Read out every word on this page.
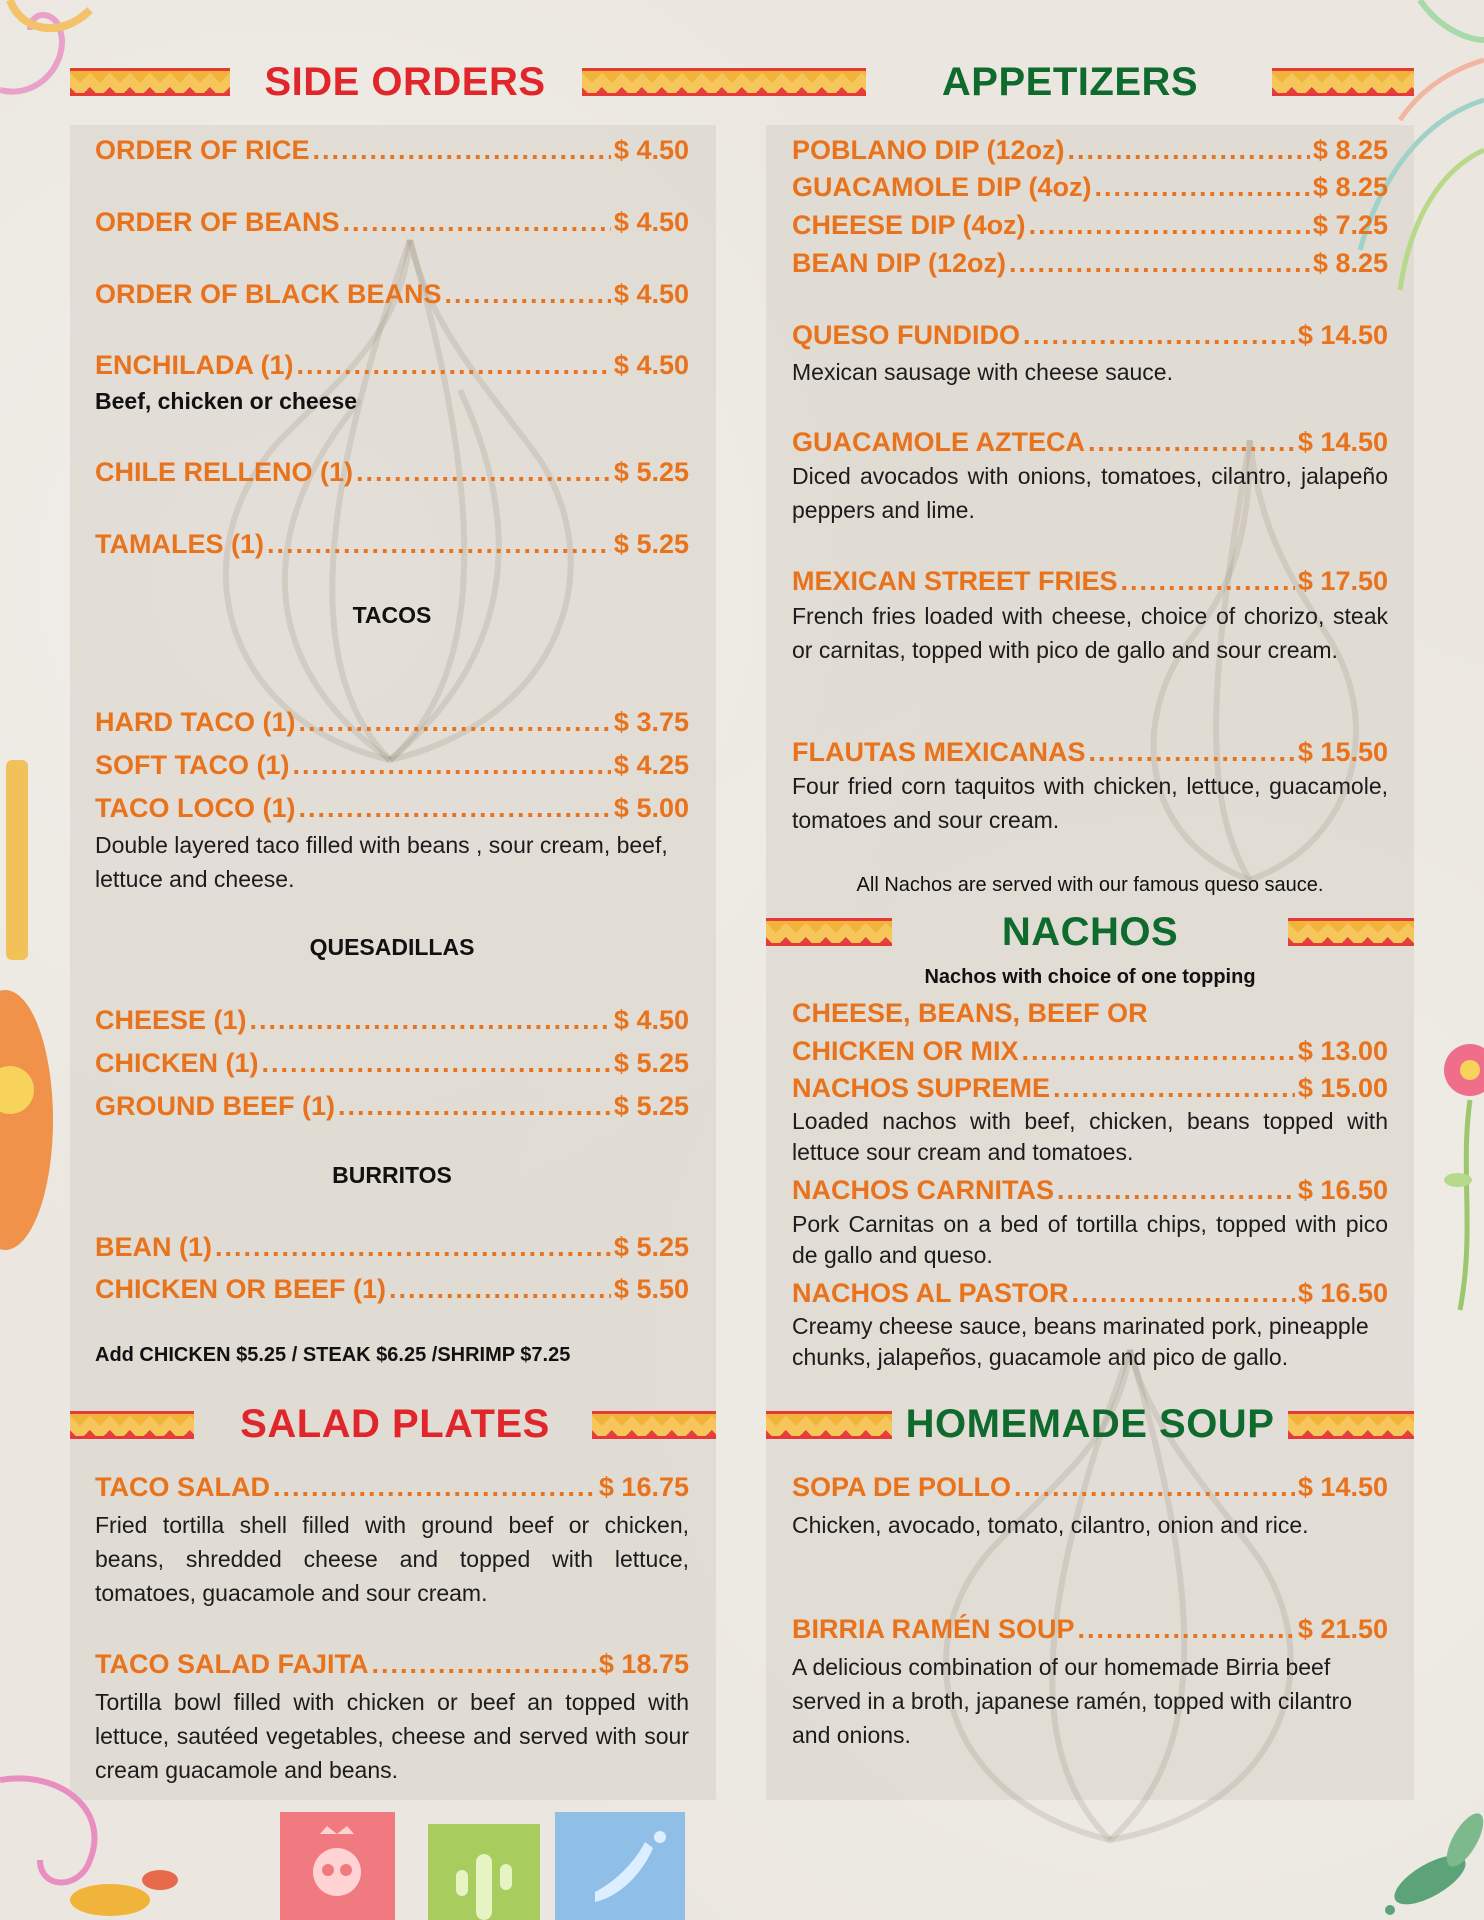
SIDE ORDERS
ORDER OF RICE .....	$ 4.50
ORDER OF BEANS .....	$ 4.50
ORDER OF BLACK BEANS .....	$ 4.50
ENCHILADA (1) .....	$ 4.50
Beef, chicken or cheese
CHILE RELLENO (1) .....	$ 5.25
TAMALES (1) .....	$ 5.25
TACOS
HARD TACO (1) .....	$ 3.75
SOFT TACO (1) .....	$ 4.25
TACO LOCO (1) .....	$ 5.00
Double layered taco filled with beans , sour cream, beef, lettuce and cheese.
QUESADILLAS
CHEESE (1) .....	$ 4.50
CHICKEN (1) .....	$ 5.25
GROUND BEEF (1) .....	$ 5.25
BURRITOS
BEAN (1) .....	$ 5.25
CHICKEN OR BEEF (1) .....	$ 5.50
Add CHICKEN $5.25 / STEAK $6.25 /SHRIMP $7.25
SALAD PLATES
TACO SALAD .....	$ 16.75
Fried tortilla shell filled with ground beef or chicken, beans, shredded cheese and topped with lettuce, tomatoes, guacamole and sour cream.
TACO SALAD FAJITA .....	$ 18.75
Tortilla bowl filled with chicken or beef an topped with lettuce, sautéed vegetables, cheese and served with sour cream guacamole and beans.
APPETIZERS
POBLANO DIP (12oz) .....	$ 8.25
GUACAMOLE DIP (4oz) .....	$ 8.25
CHEESE DIP (4oz) .....	$ 7.25
BEAN DIP (12oz) .....	$ 8.25
QUESO FUNDIDO .....	$ 14.50
Mexican sausage with cheese sauce.
GUACAMOLE AZTECA .....	$ 14.50
Diced avocados with onions, tomatoes, cilantro, jalapeño peppers and lime.
MEXICAN STREET FRIES .....	$ 17.50
French fries loaded with cheese, choice of chorizo, steak or carnitas, topped with pico de gallo and sour cream.
FLAUTAS MEXICANAS .....	$ 15.50
Four fried corn taquitos with chicken, lettuce, guacamole, tomatoes and sour cream.
All Nachos are served with our famous queso sauce.
NACHOS
Nachos with choice of one topping
CHEESE, BEANS, BEEF OR
CHICKEN OR MIX .....	$ 13.00
NACHOS SUPREME .....	$ 15.00
Loaded nachos with beef, chicken, beans topped with lettuce sour cream and tomatoes.
NACHOS CARNITAS .....	$ 16.50
Pork Carnitas on a bed of tortilla chips, topped with pico de gallo and queso.
NACHOS AL PASTOR .....	$ 16.50
Creamy cheese sauce, beans marinated pork, pineapple chunks, jalapeños, guacamole and pico de gallo.
HOMEMADE SOUP
SOPA DE POLLO .....	$ 14.50
Chicken, avocado, tomato, cilantro, onion and rice.
BIRRIA RAMÉN SOUP .....	$ 21.50
A delicious combination of our homemade Birria beef served in a broth, japanese ramén, topped with cilantro and onions.
